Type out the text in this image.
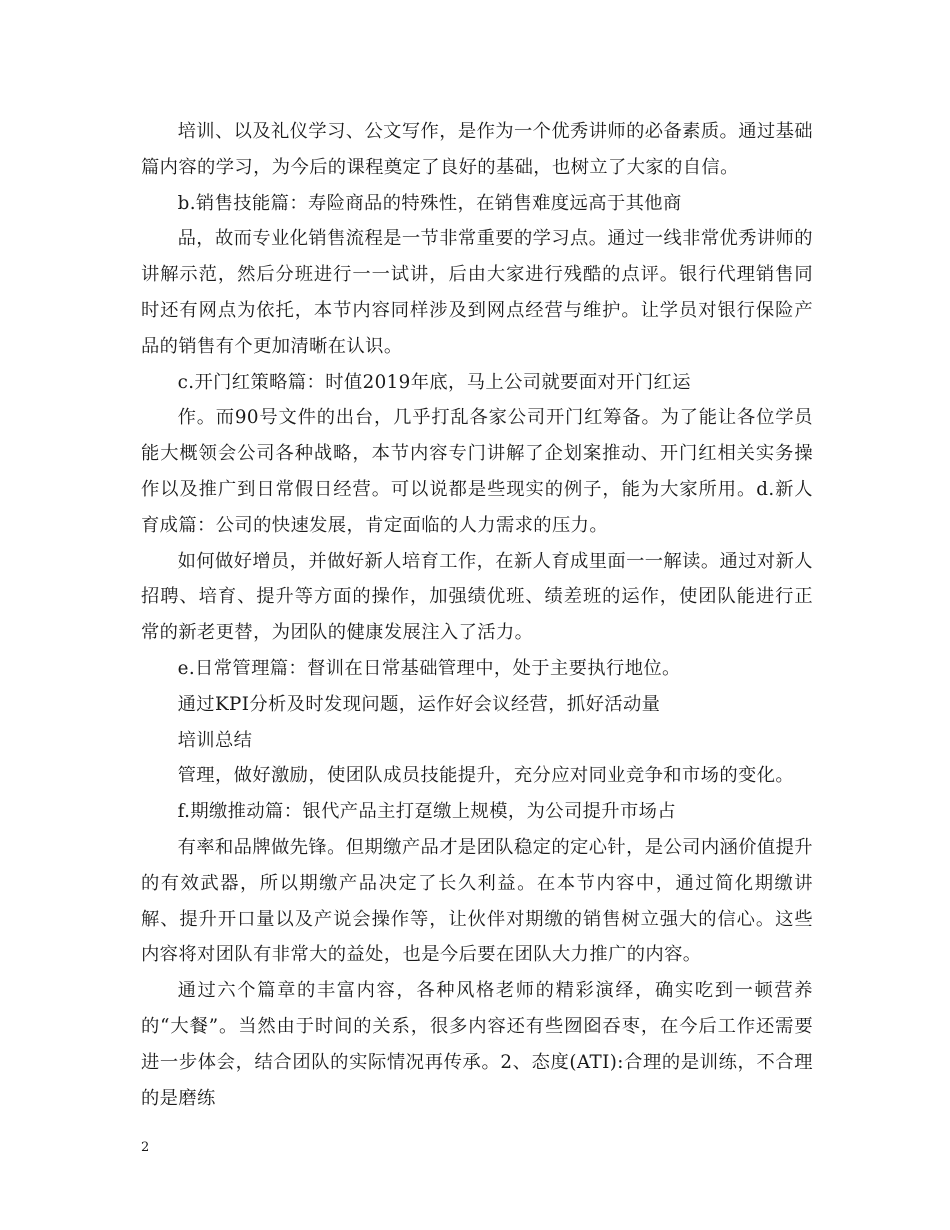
培训、以及礼仪学习、公文写作，是作为一个优秀讲师的必备素质。通过基础篇内容的学习，为今后的课程奠定了良好的基础，也树立了大家的自信。

b.销售技能篇：寿险商品的特殊性，在销售难度远高于其他商

品，故而专业化销售流程是一节非常重要的学习点。通过一线非常优秀讲师的讲解示范，然后分班进行一一试讲，后由大家进行残酷的点评。银行代理销售同时还有网点为依托，本节内容同样涉及到网点经营与维护。让学员对银行保险产品的销售有个更加清晰在认识。

c.开门红策略篇：时值2019年底，马上公司就要面对开门红运

作。而90号文件的出台，几乎打乱各家公司开门红筹备。为了能让各位学员能大概领会公司各种战略，本节内容专门讲解了企划案推动、开门红相关实务操作以及推广到日常假日经营。可以说都是些现实的例子，能为大家所用。d.新人育成篇：公司的快速发展，肯定面临的人力需求的压力。

如何做好增员，并做好新人培育工作，在新人育成里面一一解读。通过对新人招聘、培育、提升等方面的操作，加强绩优班、绩差班的运作，使团队能进行正常的新老更替，为团队的健康发展注入了活力。

e.日常管理篇：督训在日常基础管理中，处于主要执行地位。

通过KPI分析及时发现问题，运作好会议经营，抓好活动量

培训总结

管理，做好激励，使团队成员技能提升，充分应对同业竞争和市场的变化。

f.期缴推动篇：银代产品主打趸缴上规模，为公司提升市场占

有率和品牌做先锋。但期缴产品才是团队稳定的定心针，是公司内涵价值提升的有效武器，所以期缴产品决定了长久利益。在本节内容中，通过简化期缴讲解、提升开口量以及产说会操作等，让伙伴对期缴的销售树立强大的信心。这些内容将对团队有非常大的益处，也是今后要在团队大力推广的内容。

通过六个篇章的丰富内容，各种风格老师的精彩演绎，确实吃到一顿营养的“大餐”。当然由于时间的关系，很多内容还有些囫囵吞枣，在今后工作还需要进一步体会，结合团队的实际情况再传承。2、态度(ATI):合理的是训练，不合理的是磨练

2
